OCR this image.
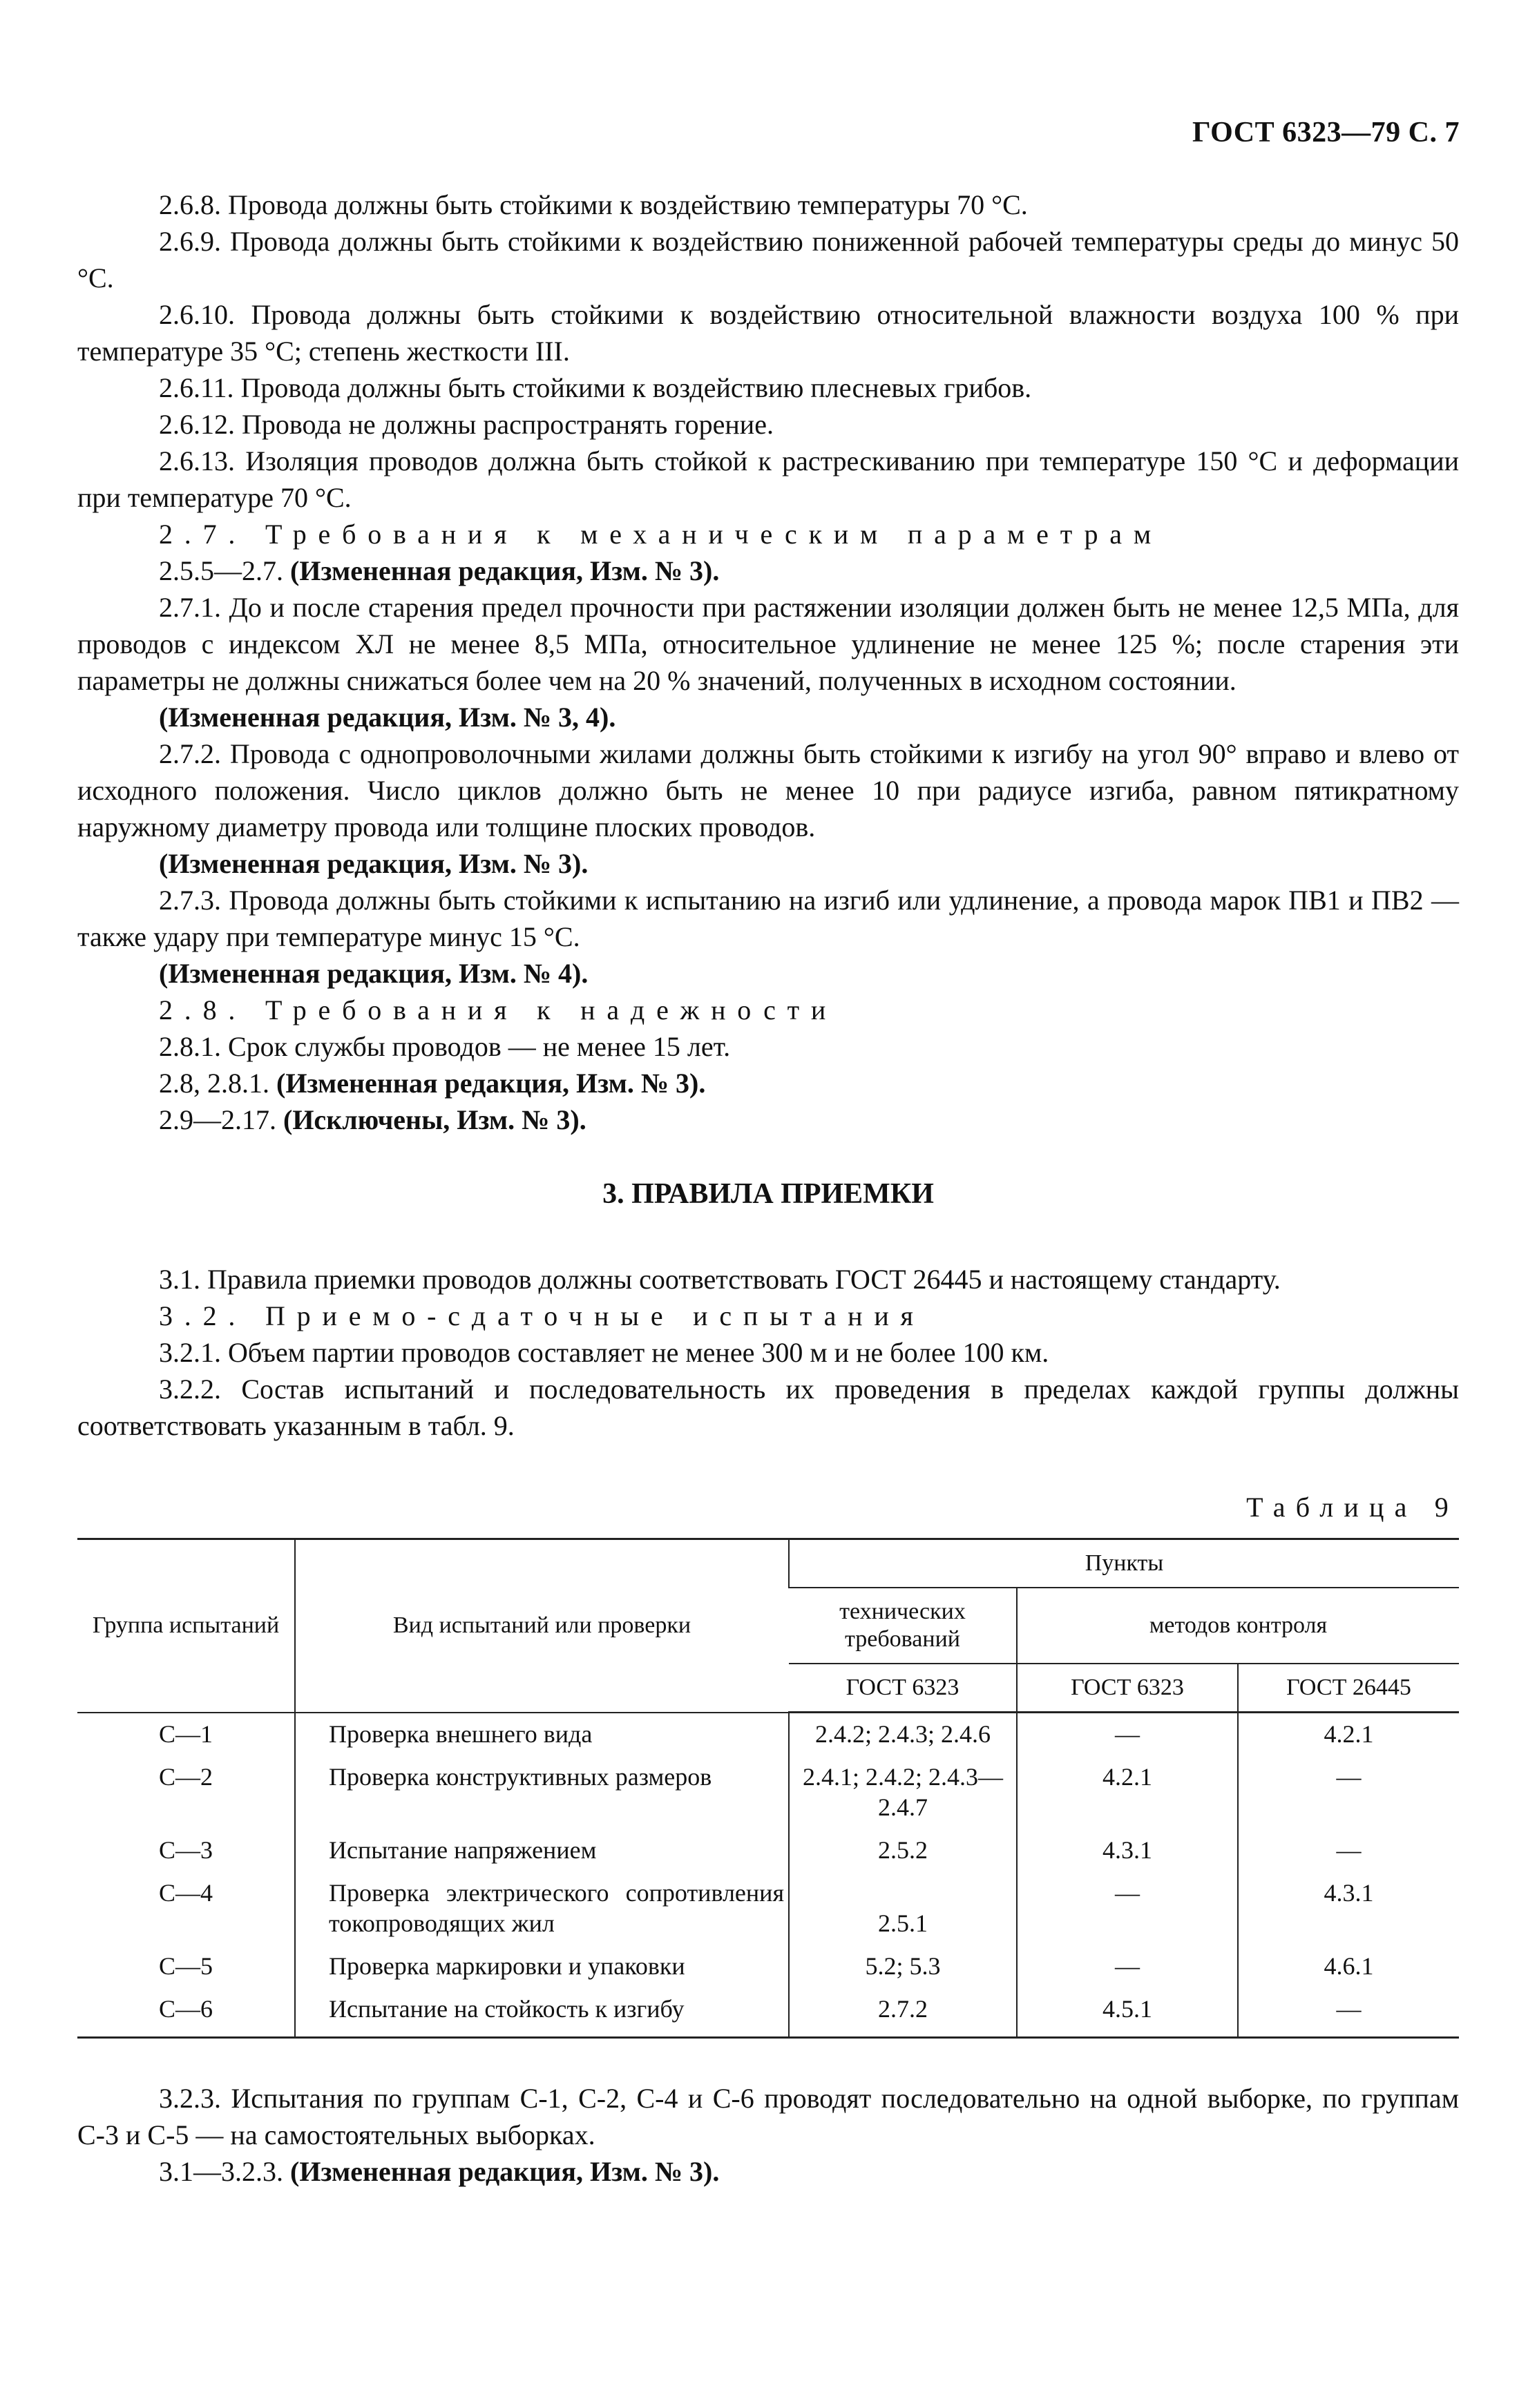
ГОСТ 6323—79 С. 7

2.6.8. Провода должны быть стойкими к воздействию температуры 70 °С.

2.6.9. Провода должны быть стойкими к воздействию пониженной рабочей температуры среды до минус 50 °С.

2.6.10. Провода должны быть стойкими к воздействию относительной влажности воздуха 100 % при температуре 35 °С; степень жесткости III.

2.6.11. Провода должны быть стойкими к воздействию плесневых грибов.

2.6.12. Провода не должны распространять горение.

2.6.13. Изоляция проводов должна быть стойкой к растрескиванию при температуре 150 °С и деформации при температуре 70 °С.

2.7. Требования к механическим параметрам

2.5.5—2.7. (Измененная редакция, Изм. № 3).

2.7.1. До и после старения предел прочности при растяжении изоляции должен быть не менее 12,5 МПа, для проводов с индексом ХЛ не менее 8,5 МПа, относительное удлинение не менее 125 %; после старения эти параметры не должны снижаться более чем на 20 % значений, полученных в исходном состоянии.

(Измененная редакция, Изм. № 3, 4).

2.7.2. Провода с однопроволочными жилами должны быть стойкими к изгибу на угол 90° вправо и влево от исходного положения. Число циклов должно быть не менее 10 при радиусе изгиба, равном пятикратному наружному диаметру провода или толщине плоских проводов.

(Измененная редакция, Изм. № 3).

2.7.3. Провода должны быть стойкими к испытанию на изгиб или удлинение, а провода марок ПВ1 и ПВ2 — также удару при температуре минус 15 °С.

(Измененная редакция, Изм. № 4).

2.8. Требования к надежности

2.8.1. Срок службы проводов — не менее 15 лет.

2.8, 2.8.1. (Измененная редакция, Изм. № 3).

2.9—2.17. (Исключены, Изм. № 3).

3. ПРАВИЛА ПРИЕМКИ

3.1. Правила приемки проводов должны соответствовать ГОСТ 26445 и настоящему стандарту.

3.2. Приемо-сдаточные испытания

3.2.1. Объем партии проводов составляет не менее 300 м и не более 100 км.

3.2.2. Состав испытаний и последовательность их проведения в пределах каждой группы должны соответствовать указанным в табл. 9.

Таблица 9

Группа испытаний	Вид испытаний или проверки	Пункты		
		технических требований	методов контроля	
		ГОСТ 6323	ГОСТ 6323	ГОСТ 26445
С—1	Проверка внешнего вида	2.4.2; 2.4.3; 2.4.6	—	4.2.1
С—2	Проверка конструктивных размеров	2.4.1; 2.4.2; 2.4.3—2.4.7	4.2.1	—
С—3	Испытание напряжением	2.5.2	4.3.1	—
С—4	Проверка электрического сопротивления токопроводящих жил	2.5.1	—	4.3.1
С—5	Проверка маркировки и упаковки	5.2; 5.3	—	4.6.1
С—6	Испытание на стойкость к изгибу	2.7.2	4.5.1	—

3.2.3. Испытания по группам С-1, С-2, С-4 и С-6 проводят последовательно на одной выборке, по группам С-3 и С-5 — на самостоятельных выборках.

3.1—3.2.3. (Измененная редакция, Изм. № 3).
